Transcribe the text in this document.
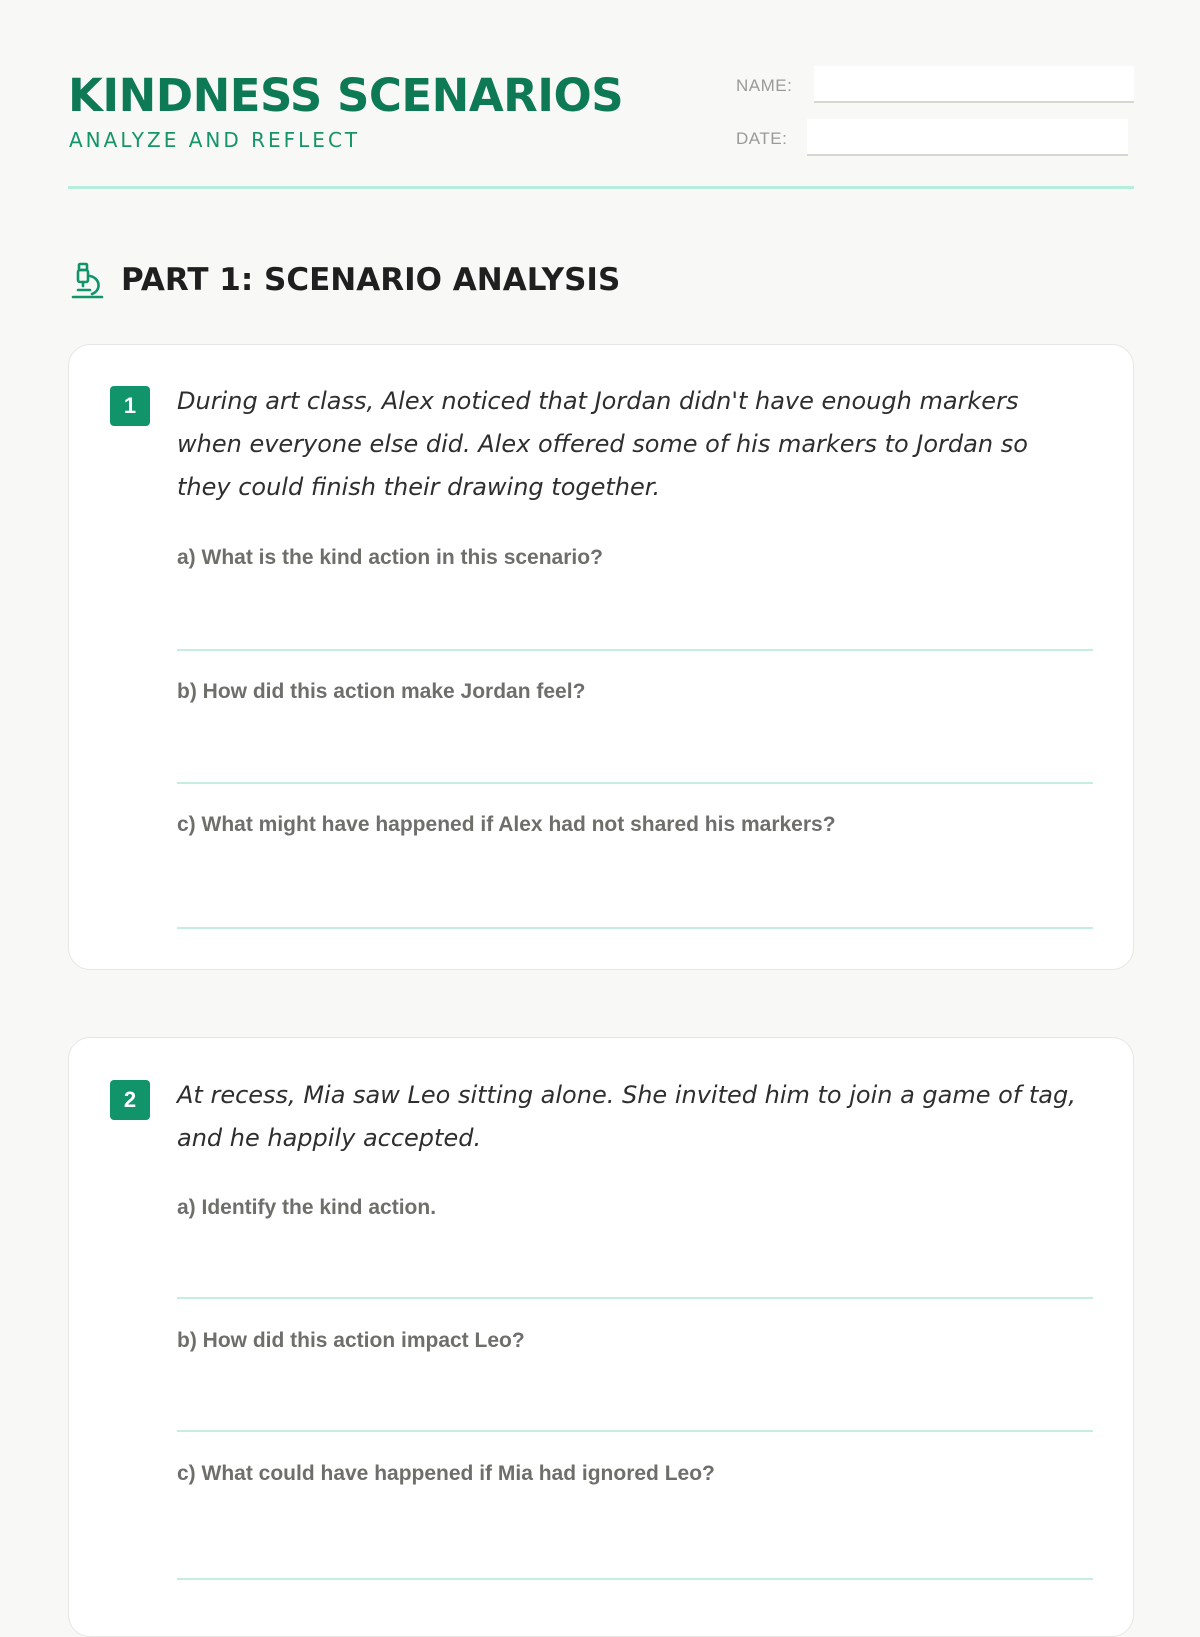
KINDNESS SCENARIOS
ANALYZE AND REFLECT
NAME:
DATE:
PART 1: SCENARIO ANALYSIS
1	During art class, Alex noticed that Jordan didn't have enough markers when everyone else did. Alex offered some of his markers to Jordan so they could finish their drawing together.

a) What is the kind action in this scenario?

b) How did this action make Jordan feel?

c) What might have happened if Alex had not shared his markers?

2	At recess, Mia saw Leo sitting alone. She invited him to join a game of tag, and he happily accepted.

a) Identify the kind action.

b) How did this action impact Leo?

c) What could have happened if Mia had ignored Leo?
